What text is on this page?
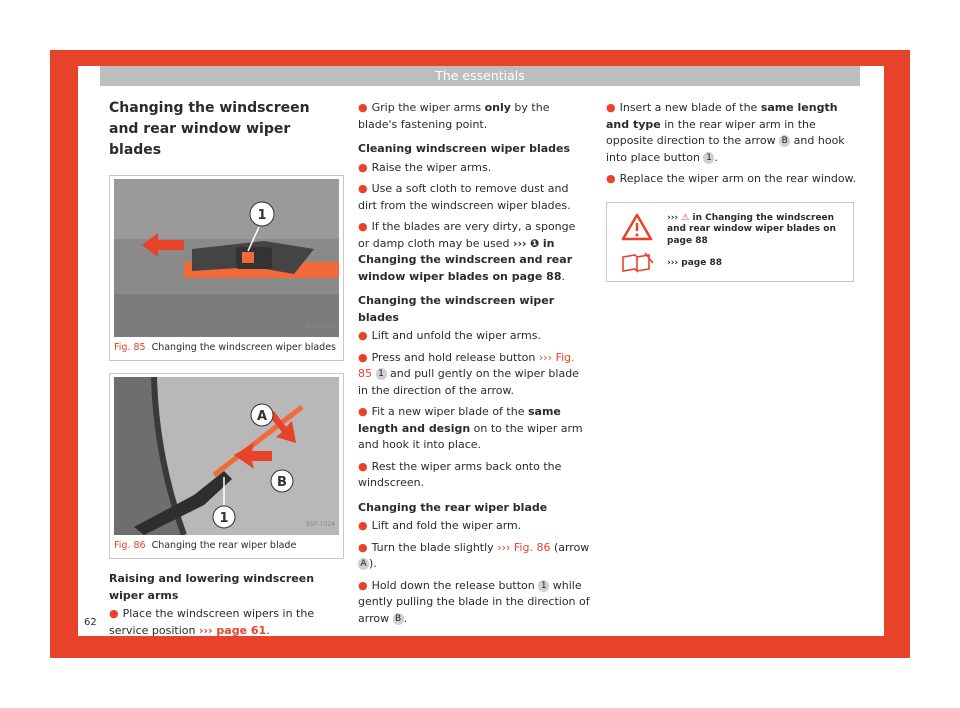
The essentials
Changing the windscreen and rear window wiper blades
1
B5F-1023
Fig. 85 Changing the windscreen wiper blades
A
B
1	B5F-1024
Fig. 86 Changing the rear wiper blade
Raising and lowering windscreen wiper arms
● Place the windscreen wipers in the service position ››› page 61.
● Grip the wiper arms only by the blade's fastening point.
Cleaning windscreen wiper blades
● Raise the wiper arms.
● Use a soft cloth to remove dust and dirt from the windscreen wiper blades.
● If the blades are very dirty, a sponge or damp cloth may be used ››› ❶ in Changing the windscreen and rear window wiper blades on page 88.
Changing the windscreen wiper blades
● Lift and unfold the wiper arms.
● Press and hold release button ››› Fig. 85 1 and pull gently on the wiper blade in the direction of the arrow.
● Fit a new wiper blade of the same length and design on to the wiper arm and hook it into place.
● Rest the wiper arms back onto the windscreen.
Changing the rear wiper blade
● Lift and fold the wiper arm.
● Turn the blade slightly ››› Fig. 86 (arrow A ).
● Hold down the release button 1 while gently pulling the blade in the direction of arrow B .
● Insert a new blade of the same length and type in the rear wiper arm in the opposite direction to the arrow B and hook into place button 1 .
● Replace the wiper arm on the rear window.
››› ⚠ in Changing the windscreen and rear window wiper blades on page 88
››› page 88
62
